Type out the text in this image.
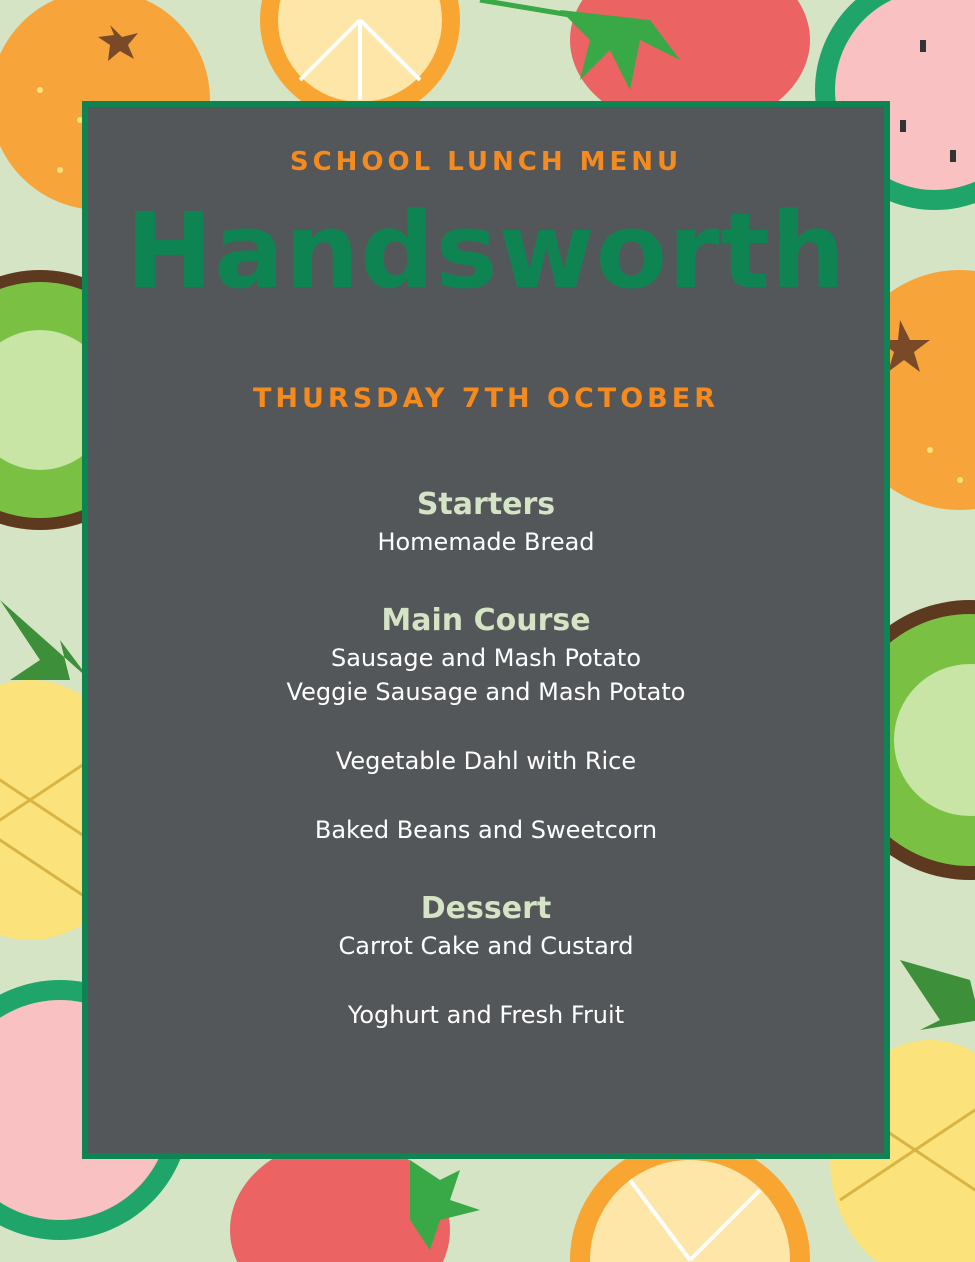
SCHOOL LUNCH MENU
Handsworth
THURSDAY 7TH OCTOBER

Starters

Homemade Bread

Main Course

Sausage and Mash Potato

Veggie Sausage and Mash Potato

Vegetable Dahl with Rice

Baked Beans and Sweetcorn

Dessert

Carrot Cake and Custard

Yoghurt and Fresh Fruit
